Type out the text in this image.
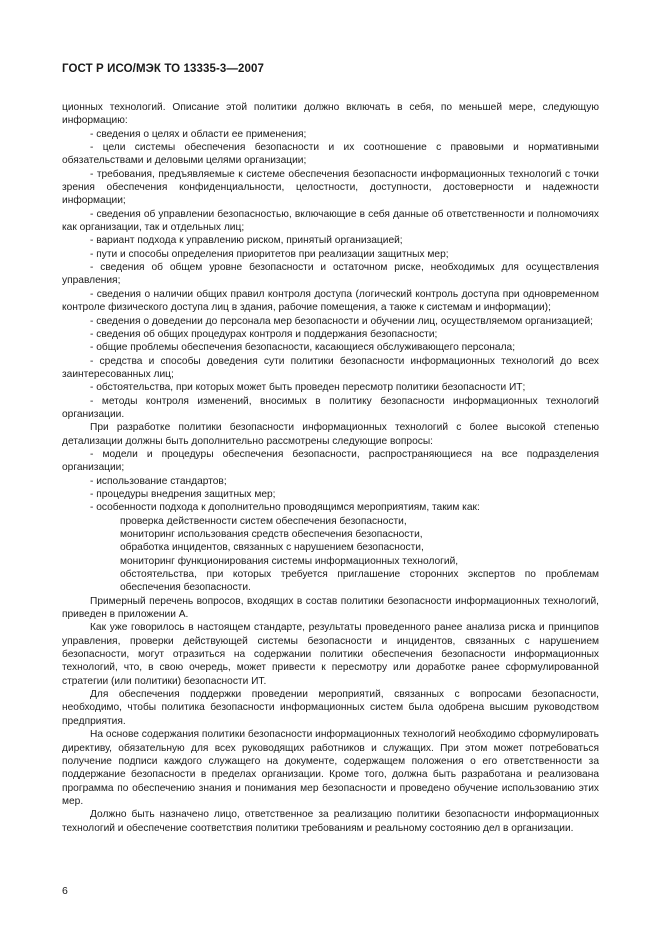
ГОСТ Р ИСО/МЭК ТО 13335-3—2007

ционных технологий. Описание этой политики должно включать в себя, по меньшей мере, следующую информацию:

- сведения о целях и области ее применения;

- цели системы обеспечения безопасности и их соотношение с правовыми и нормативными обязательствами и деловыми целями организации;

- требования, предъявляемые к системе обеспечения безопасности информационных технологий с точки зрения обеспечения конфиденциальности, целостности, доступности, достоверности и надежности информации;

- сведения об управлении безопасностью, включающие в себя данные об ответственности и полномочиях как организации, так и отдельных лиц;

- вариант подхода к управлению риском, принятый организацией;

- пути и способы определения приоритетов при реализации защитных мер;

- сведения об общем уровне безопасности и остаточном риске, необходимых для осуществления управления;

- сведения о наличии общих правил контроля доступа (логический контроль доступа при одновременном контроле физического доступа лиц в здания, рабочие помещения, а также к системам и информации);

- сведения о доведении до персонала мер безопасности и обучении лиц, осуществляемом организацией;

- сведения об общих процедурах контроля и поддержания безопасности;

- общие проблемы обеспечения безопасности, касающиеся обслуживающего персонала;

- средства и способы доведения сути политики безопасности информационных технологий до всех заинтересованных лиц;

- обстоятельства, при которых может быть проведен пересмотр политики безопасности ИТ;

- методы контроля изменений, вносимых в политику безопасности информационных технологий организации.

При разработке политики безопасности информационных технологий с более высокой степенью детализации должны быть дополнительно рассмотрены следующие вопросы:

- модели и процедуры обеспечения безопасности, распространяющиеся на все подразделения организации;

- использование стандартов;

- процедуры внедрения защитных мер;

- особенности подхода к дополнительно проводящимся мероприятиям, таким как:

проверка действенности систем обеспечения безопасности,

мониторинг использования средств обеспечения безопасности,

обработка инцидентов, связанных с нарушением безопасности,

мониторинг функционирования системы информационных технологий,

обстоятельства, при которых требуется приглашение сторонних экспертов по проблемам обеспечения безопасности.

Примерный перечень вопросов, входящих в состав политики безопасности информационных технологий, приведен в приложении А.

Как уже говорилось в настоящем стандарте, результаты проведенного ранее анализа риска и принципов управления, проверки действующей системы безопасности и инцидентов, связанных с нарушением безопасности, могут отразиться на содержании политики обеспечения безопасности информационных технологий, что, в свою очередь, может привести к пересмотру или доработке ранее сформулированной стратегии (или политики) безопасности ИТ.

Для обеспечения поддержки проведении мероприятий, связанных с вопросами безопасности, необходимо, чтобы политика безопасности информационных систем была одобрена высшим руководством предприятия.

На основе содержания политики безопасности информационных технологий необходимо сформулировать директиву, обязательную для всех руководящих работников и служащих. При этом может потребоваться получение подписи каждого служащего на документе, содержащем положения о его ответственности за поддержание безопасности в пределах организации. Кроме того, должна быть разработана и реализована программа по обеспечению знания и понимания мер безопасности и проведено обучение использованию этих мер.

Должно быть назначено лицо, ответственное за реализацию политики безопасности информационных технологий и обеспечение соответствия политики требованиям и реальному состоянию дел в организации.

6
